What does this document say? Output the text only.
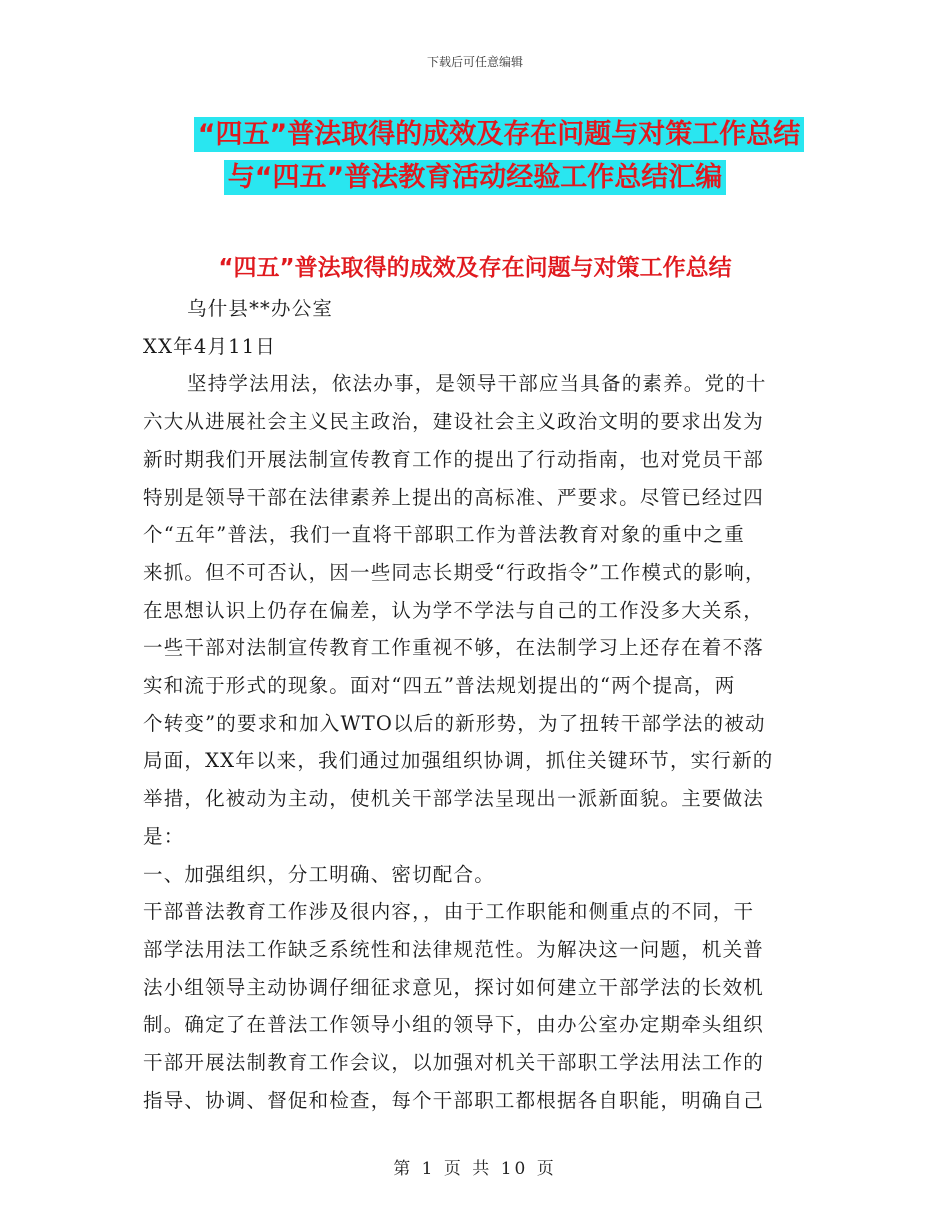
下载后可任意编辑
“四五”普法取得的成效及存在问题与对策工作总结
与“四五”普法教育活动经验工作总结汇编
“四五”普法取得的成效及存在问题与对策工作总结
乌什县**办公室
XX年4月11日
坚持学法用法，依法办事，是领导干部应当具备的素养。党的十
六大从进展社会主义民主政治，建设社会主义政治文明的要求出发为
新时期我们开展法制宣传教育工作的提出了行动指南，也对党员干部
特别是领导干部在法律素养上提出的高标准、严要求。尽管已经过四
个“五年”普法，我们一直将干部职工作为普法教育对象的重中之重
来抓。但不可否认，因一些同志长期受“行政指令”工作模式的影响，
在思想认识上仍存在偏差，认为学不学法与自己的工作没多大关系，
一些干部对法制宣传教育工作重视不够，在法制学习上还存在着不落
实和流于形式的现象。面对“四五”普法规划提出的“两个提高，两
个转变”的要求和加入WTO以后的新形势，为了扭转干部学法的被动
局面，XX年以来，我们通过加强组织协调，抓住关键环节，实行新的
举措，化被动为主动，使机关干部学法呈现出一派新面貌。主要做法
是：
一、加强组织，分工明确、密切配合。
干部普法教育工作涉及很内容，，由于工作职能和侧重点的不同，干
部学法用法工作缺乏系统性和法律规范性。为解决这一问题，机关普
法小组领导主动协调仔细征求意见，探讨如何建立干部学法的长效机
制。确定了在普法工作领导小组的领导下，由办公室办定期牵头组织
干部开展法制教育工作会议，以加强对机关干部职工学法用法工作的
指导、协调、督促和检查，每个干部职工都根据各自职能，明确自己
第 1 页 共 10 页
